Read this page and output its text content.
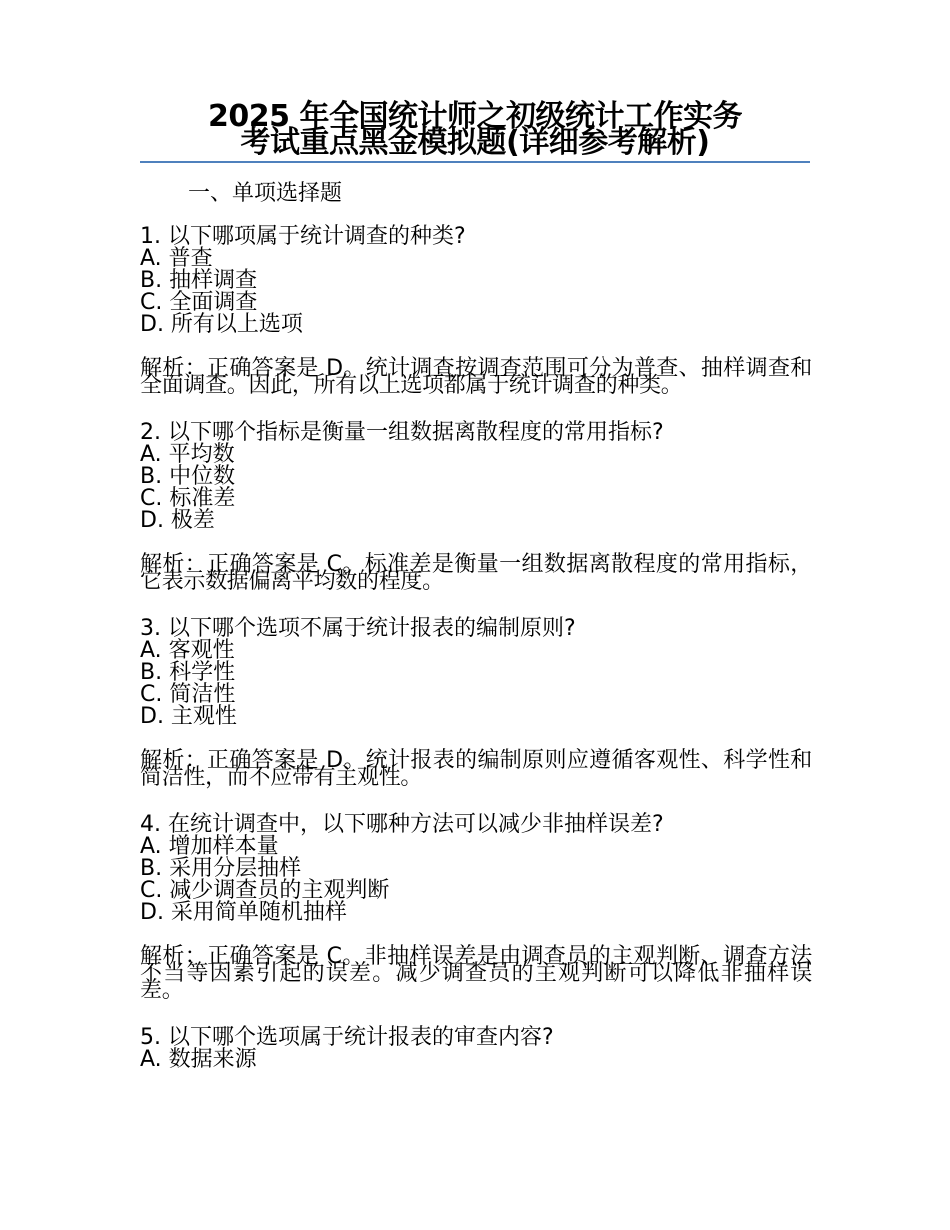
2025 年全国统计师之初级统计工作实务
考试重点黑金模拟题(详细参考解析)
一、单项选择题
1. 以下哪项属于统计调查的种类?
A. 普查
B. 抽样调查
C. 全面调查
D. 所有以上选项
解析：正确答案是 D。统计调查按调查范围可分为普查、抽样调查和全面调查。因此，所有以上选项都属于统计调查的种类。
2. 以下哪个指标是衡量一组数据离散程度的常用指标?
A. 平均数
B. 中位数
C. 标准差
D. 极差
解析：正确答案是 C。标准差是衡量一组数据离散程度的常用指标，它表示数据偏离平均数的程度。
3. 以下哪个选项不属于统计报表的编制原则?
A. 客观性
B. 科学性
C. 简洁性
D. 主观性
解析：正确答案是 D。统计报表的编制原则应遵循客观性、科学性和简洁性，而不应带有主观性。
4. 在统计调查中，以下哪种方法可以减少非抽样误差?
A. 增加样本量
B. 采用分层抽样
C. 减少调查员的主观判断
D. 采用简单随机抽样
解析：正确答案是 C。非抽样误差是由调查员的主观判断、调查方法不当等因素引起的误差。减少调查员的主观判断可以降低非抽样误差。
5. 以下哪个选项属于统计报表的审查内容?
A. 数据来源
